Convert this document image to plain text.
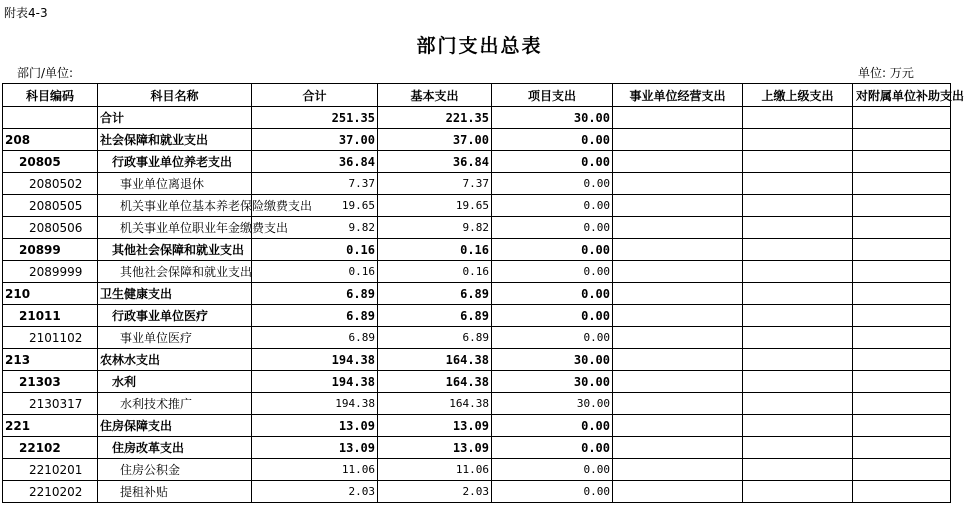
附表4-3
部门支出总表
部门/单位:	单位: 万元
科目编码	科目名称	合计	基本支出	项目支出	事业单位经营支出	上缴上级支出	对附属单位补助支出
	合计	251.35	221.35	30.00			
208	社会保障和就业支出	37.00	37.00	0.00			
20805	行政事业单位养老支出	36.84	36.84	0.00			
2080502	事业单位离退休	7.37	7.37	0.00			
2080505	机关事业单位基本养老保险缴费支出	19.65	19.65	0.00			
2080506	机关事业单位职业年金缴费支出	9.82	9.82	0.00			
20899	其他社会保障和就业支出	0.16	0.16	0.00			
2089999	其他社会保障和就业支出	0.16	0.16	0.00			
210	卫生健康支出	6.89	6.89	0.00			
21011	行政事业单位医疗	6.89	6.89	0.00			
2101102	事业单位医疗	6.89	6.89	0.00			
213	农林水支出	194.38	164.38	30.00			
21303	水利	194.38	164.38	30.00			
2130317	水利技术推广	194.38	164.38	30.00			
221	住房保障支出	13.09	13.09	0.00			
22102	住房改革支出	13.09	13.09	0.00			
2210201	住房公积金	11.06	11.06	0.00			
2210202	提租补贴	2.03	2.03	0.00			
